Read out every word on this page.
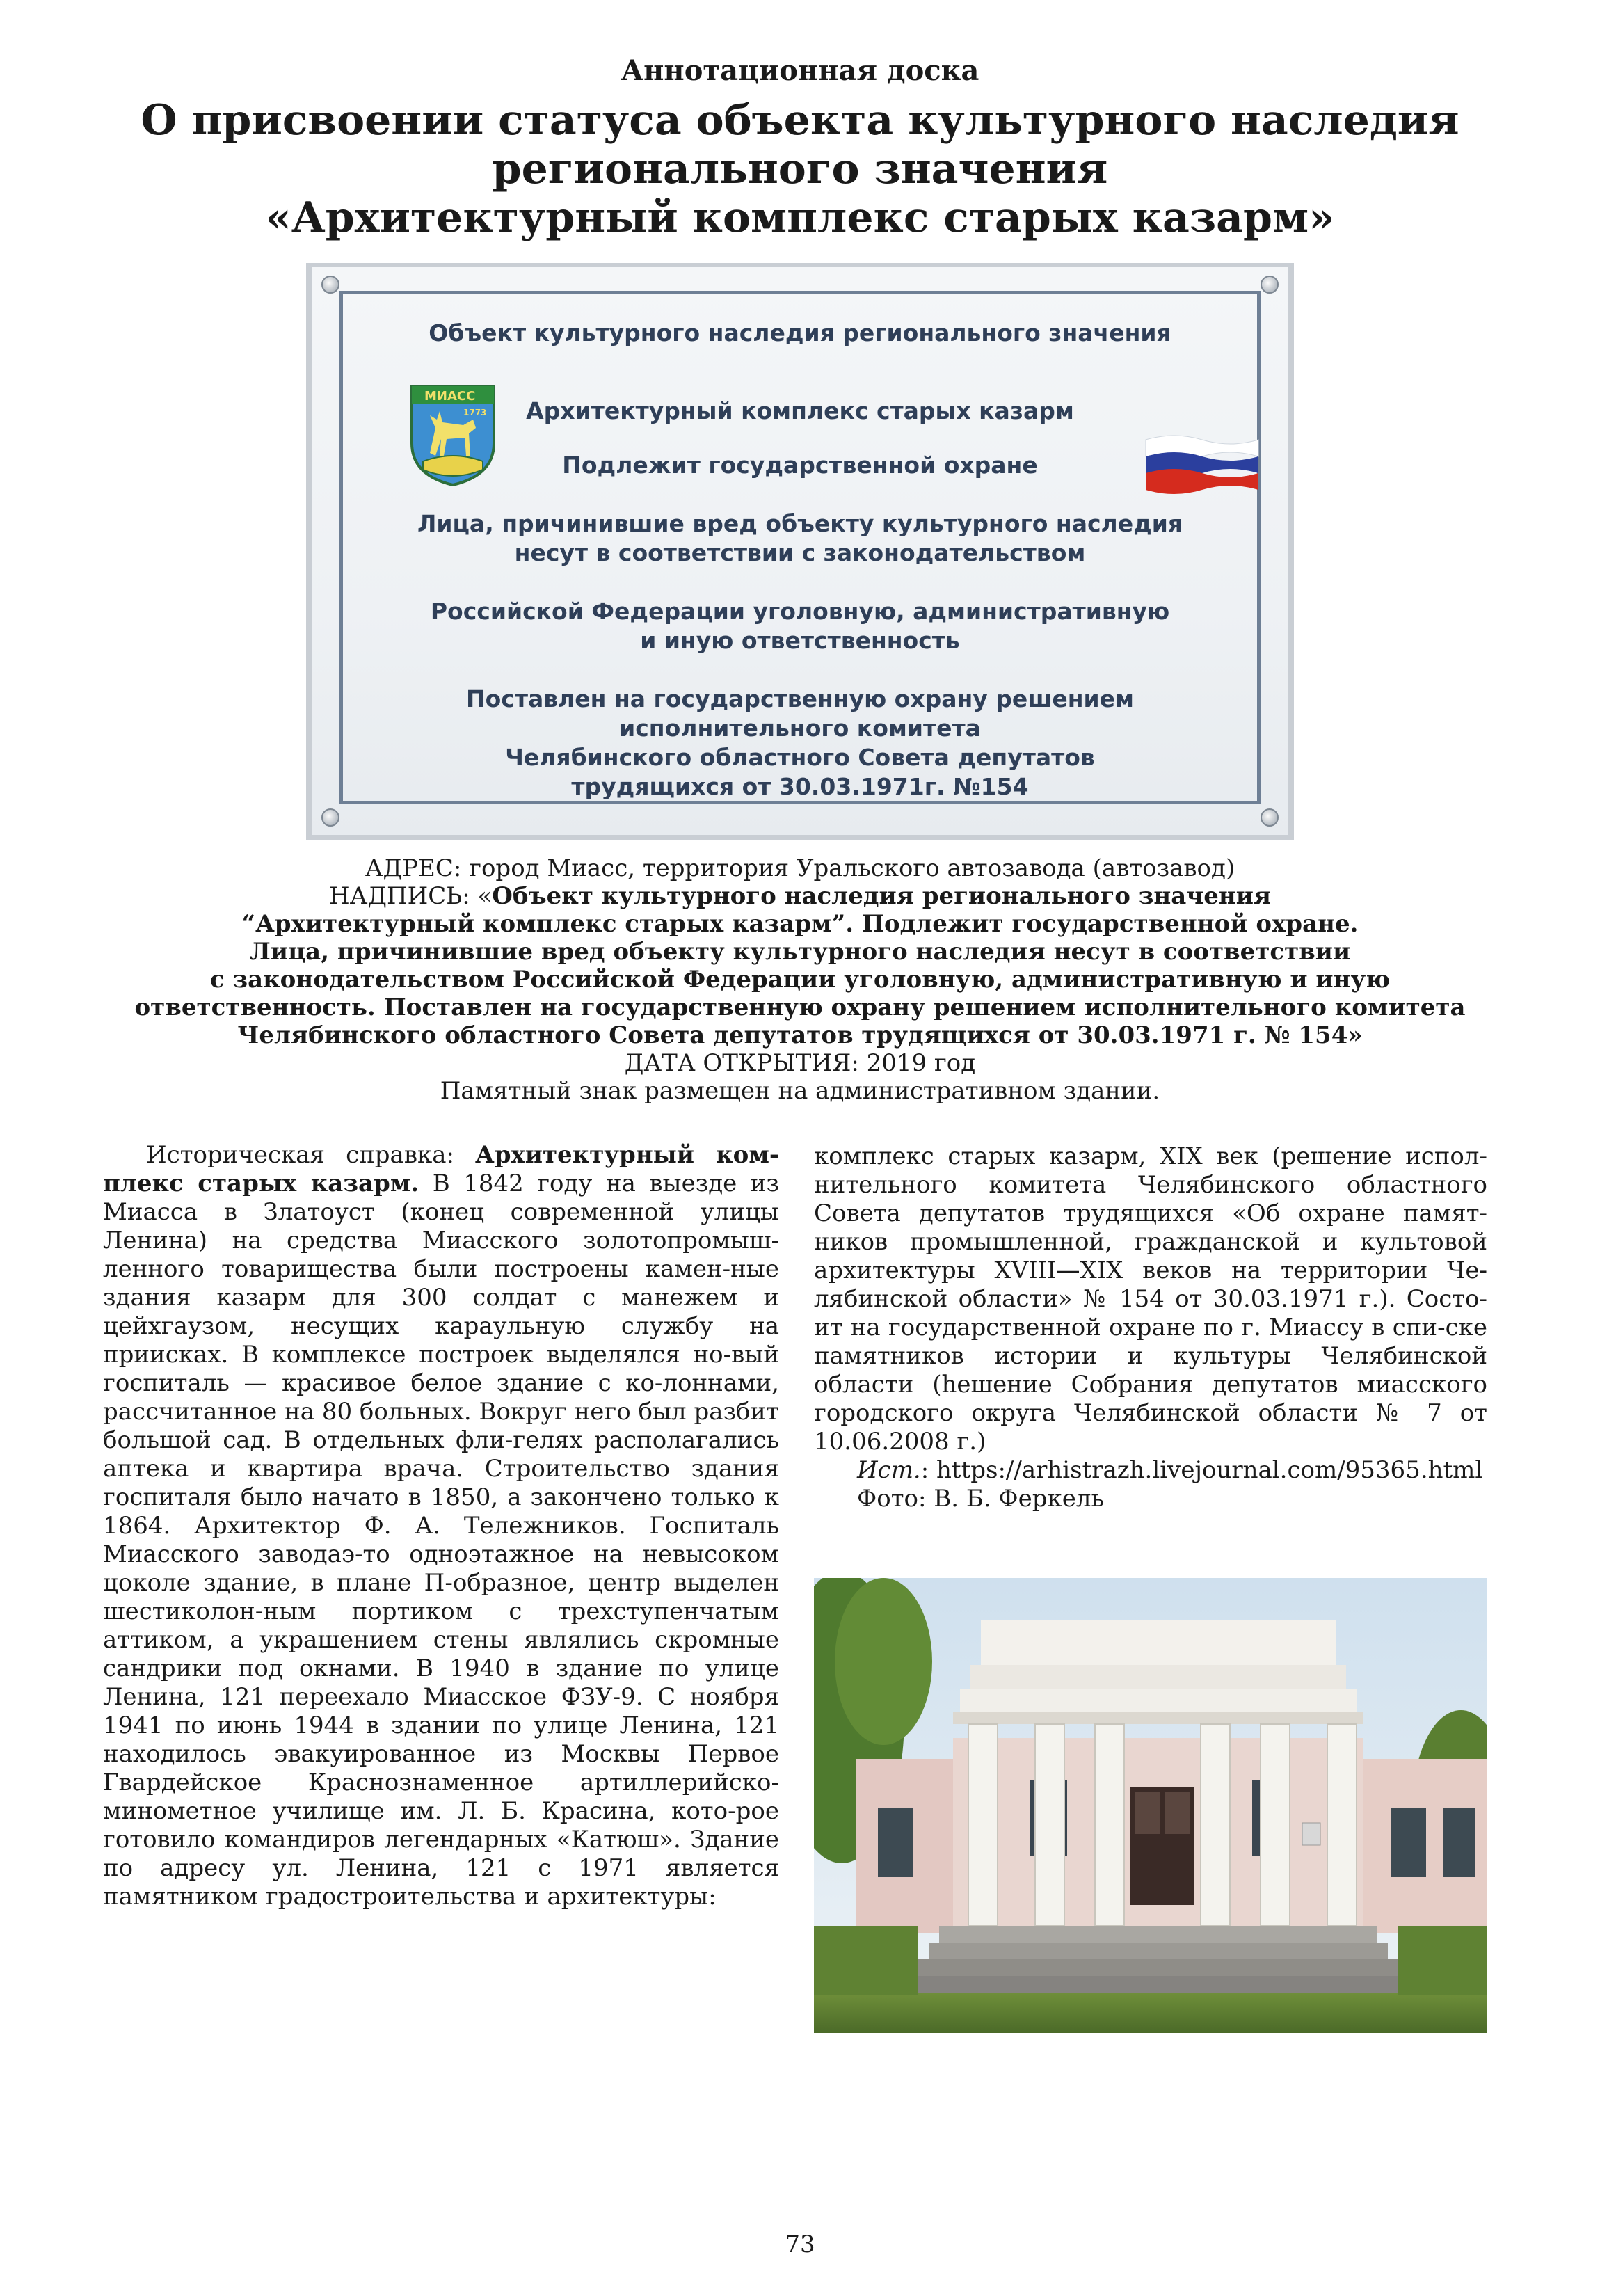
Аннотационная доска
О присвоении статуса объекта культурного наследия
регионального значения
«Архитектурный комплекс старых казарм»
Объект культурного наследия регионального значения
Архитектурный комплекс старых казарм
Подлежит государственной охране
Лица, причинившие вред объекту культурного наследия
несут в соответствии с законодательством
Российской Федерации уголовную, административную
и иную ответственность
Поставлен на государственную охрану решением
исполнительного комитета
Челябинского областного Совета депутатов
трудящихся от 30.03.1971г. №154
МИАСС
1773
АДРЕС: город Миасс, территория Уральского автозавода (автозавод)
НАДПИСЬ: «Объект культурного наследия регионального значения
“Архитектурный комплекс старых казарм”. Подлежит государственной охране.
Лица, причинившие вред объекту культурного наследия несут в соответствии
с законодательством Российской Федерации уголовную, административную и иную
ответственность. Поставлен на государственную охрану решением исполнительного комитета
Челябинского областного Совета депутатов трудящихся от 30.03.1971 г. № 154»
ДАТА ОТКРЫТИЯ: 2019 год
Памятный знак размещен на административном здании.

Историческая справка: Архитектурный ком-плекс старых казарм. В 1842 году на выезде из Миасса в Златоуст (конец современной улицы Ленина) на средства Миасского золотопромыш-ленного товарищества были построены камен-ные здания казарм для 300 солдат с манежем и цейхгаузом, несущих караульную службу на приисках. В комплексе построек выделялся но-вый госпиталь — красивое белое здание с ко-лоннами, рассчитанное на 80 больных. Вокруг него был разбит большой сад. В отдельных фли-гелях располагались аптека и квартира врача. Строительство здания госпиталя было начато в 1850, а закончено только к 1864. Архитектор Ф. А. Тележников. Госпиталь Миасского заводаэ-то одноэтажное на невысоком цоколе здание, в плане П-образное, центр выделен шестиколон-ным портиком с трехступенчатым аттиком, а украшением стены являлись скромные сандрики под окнами. В 1940 в здание по улице Ленина, 121 переехало Миасское ФЗУ-9. С ноября 1941 по июнь 1944 в здании по улице Ленина, 121 находилось эвакуированное из Москвы Первое Гвардейское Краснознаменное артиллерийско-минометное училище им. Л. Б. Красина, кото-рое готовило командиров легендарных «Катюш». Здание по адресу ул. Ленина, 121 с 1971 является памятником градостроительства и архитектуры:

комплекс старых казарм, XIX век (решение испол-нительного комитета Челябинского областного Совета депутатов трудящихся «Об охране памят-ников промышленной, гражданской и культовой архитектуры XVIII—XIX веков на территории Че-лябинской области» № 154 от 30.03.1971 г.). Состо-ит на государственной охране по г. Миассу в спи-ске памятников истории и культуры Челябинской области (hешение Собрания депутатов миасского городского округа Челябинской области № 7 от 10.06.2008 г.)

Ист.: https://arhistrazh.livejournal.com/95365.html

Фото: В. Б. Феркель

73
